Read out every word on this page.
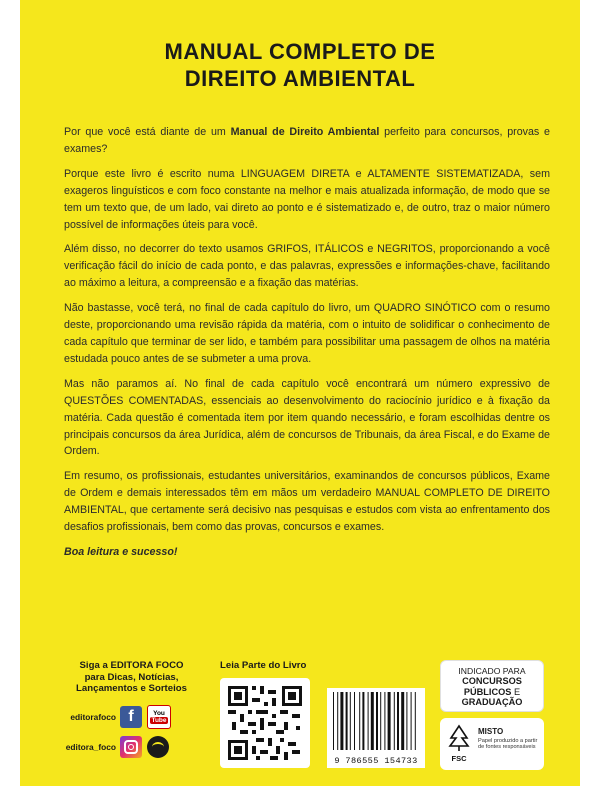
MANUAL COMPLETO DE
DIREITO AMBIENTAL

Por que você está diante de um Manual de Direito Ambiental perfeito para concursos, provas e exames?

Porque este livro é escrito numa LINGUAGEM DIRETA e ALTAMENTE SISTEMATIZADA, sem exageros linguísticos e com foco constante na melhor e mais atualizada informação, de modo que se tem um texto que, de um lado, vai direto ao ponto e é sistematizado e, de outro, traz o maior número possível de informações úteis para você.

Além disso, no decorrer do texto usamos GRIFOS, ITÁLICOS e NEGRITOS, proporcionando a você verificação fácil do início de cada ponto, e das palavras, expressões e informações-chave, facilitando ao máximo a leitura, a compreensão e a fixação das matérias.

Não bastasse, você terá, no final de cada capítulo do livro, um QUADRO SINÓTICO com o resumo deste, proporcionando uma revisão rápida da matéria, com o intuito de solidificar o conhecimento de cada capítulo que terminar de ser lido, e também para possibilitar uma passagem de olhos na matéria estudada pouco antes de se submeter a uma prova.

Mas não paramos aí. No final de cada capítulo você encontrará um número expressivo de QUESTÕES COMENTADAS, essenciais ao desenvolvimento do raciocínio jurídico e à fixação da matéria. Cada questão é comentada item por item quando necessário, e foram escolhidas dentre os principais concursos da área Jurídica, além de concursos de Tribunais, da área Fiscal, e do Exame de Ordem.

Em resumo, os profissionais, estudantes universitários, examinandos de concursos públicos, Exame de Ordem e demais interessados têm em mãos um verdadeiro MANUAL COMPLETO DE DIREITO AMBIENTAL, que certamente será decisivo nas pesquisas e estudos com vista ao enfrentamento dos desafios profissionais, bem como das provas, concursos e exames.

Boa leitura e sucesso!

Siga a EDITORA FOCO
para Dicas, Notícias,
Lançamentos e Sorteios
editorafoco f	You
Tube
editora_foco
Leia Parte do Livro
9 786555 154733
INDICADO PARA
CONCURSOS
PÚBLICOS E
GRADUAÇÃO
FSC
MISTO
Papel produzido a partir de fontes responsáveis
